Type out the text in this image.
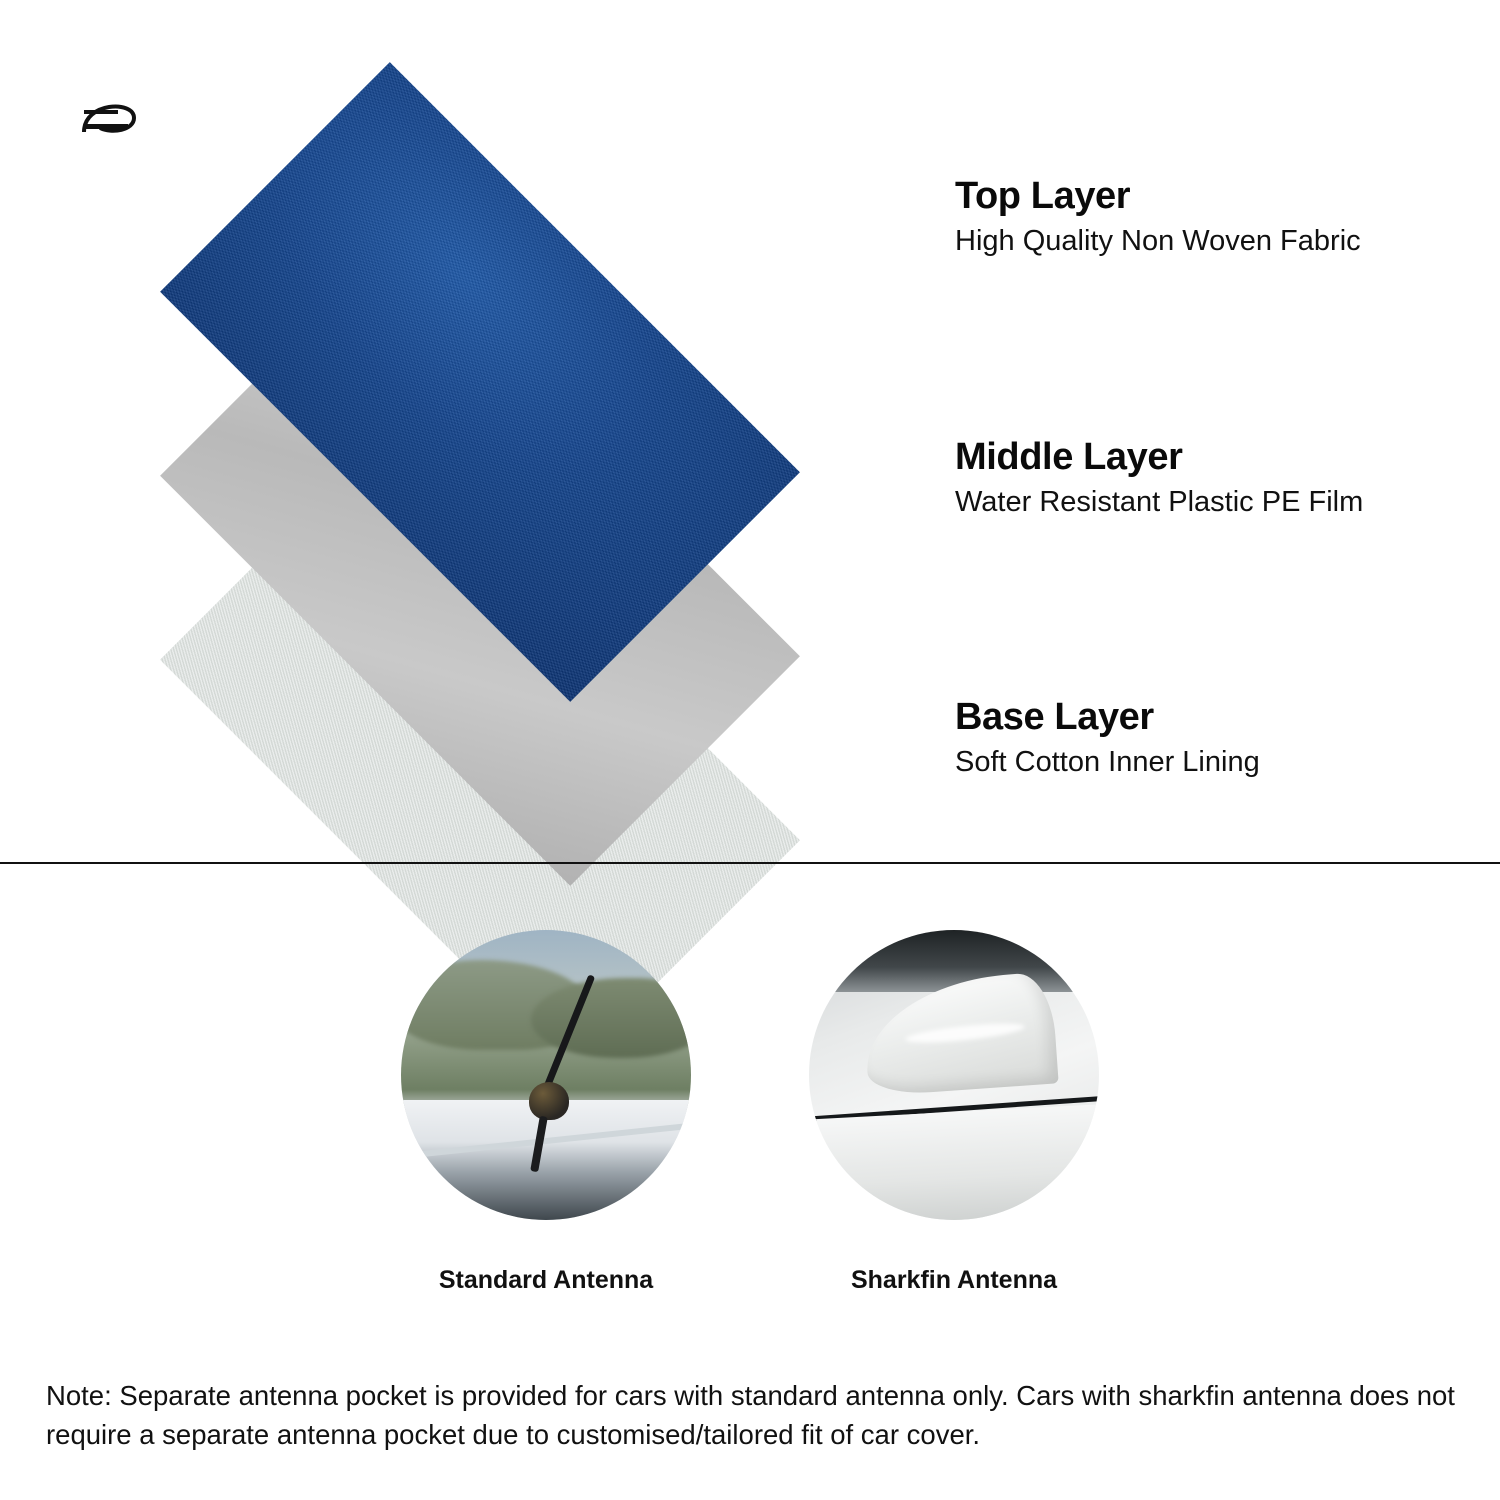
Top Layer

High Quality Non Woven Fabric

Middle Layer

Water Resistant Plastic PE Film

Base Layer

Soft Cotton Inner Lining

Standard Antenna	Sharkfin Antenna
Note: Separate antenna pocket is provided for cars with standard antenna only. Cars with sharkfin antenna does not require a separate antenna pocket due to customised/tailored fit of car cover.
